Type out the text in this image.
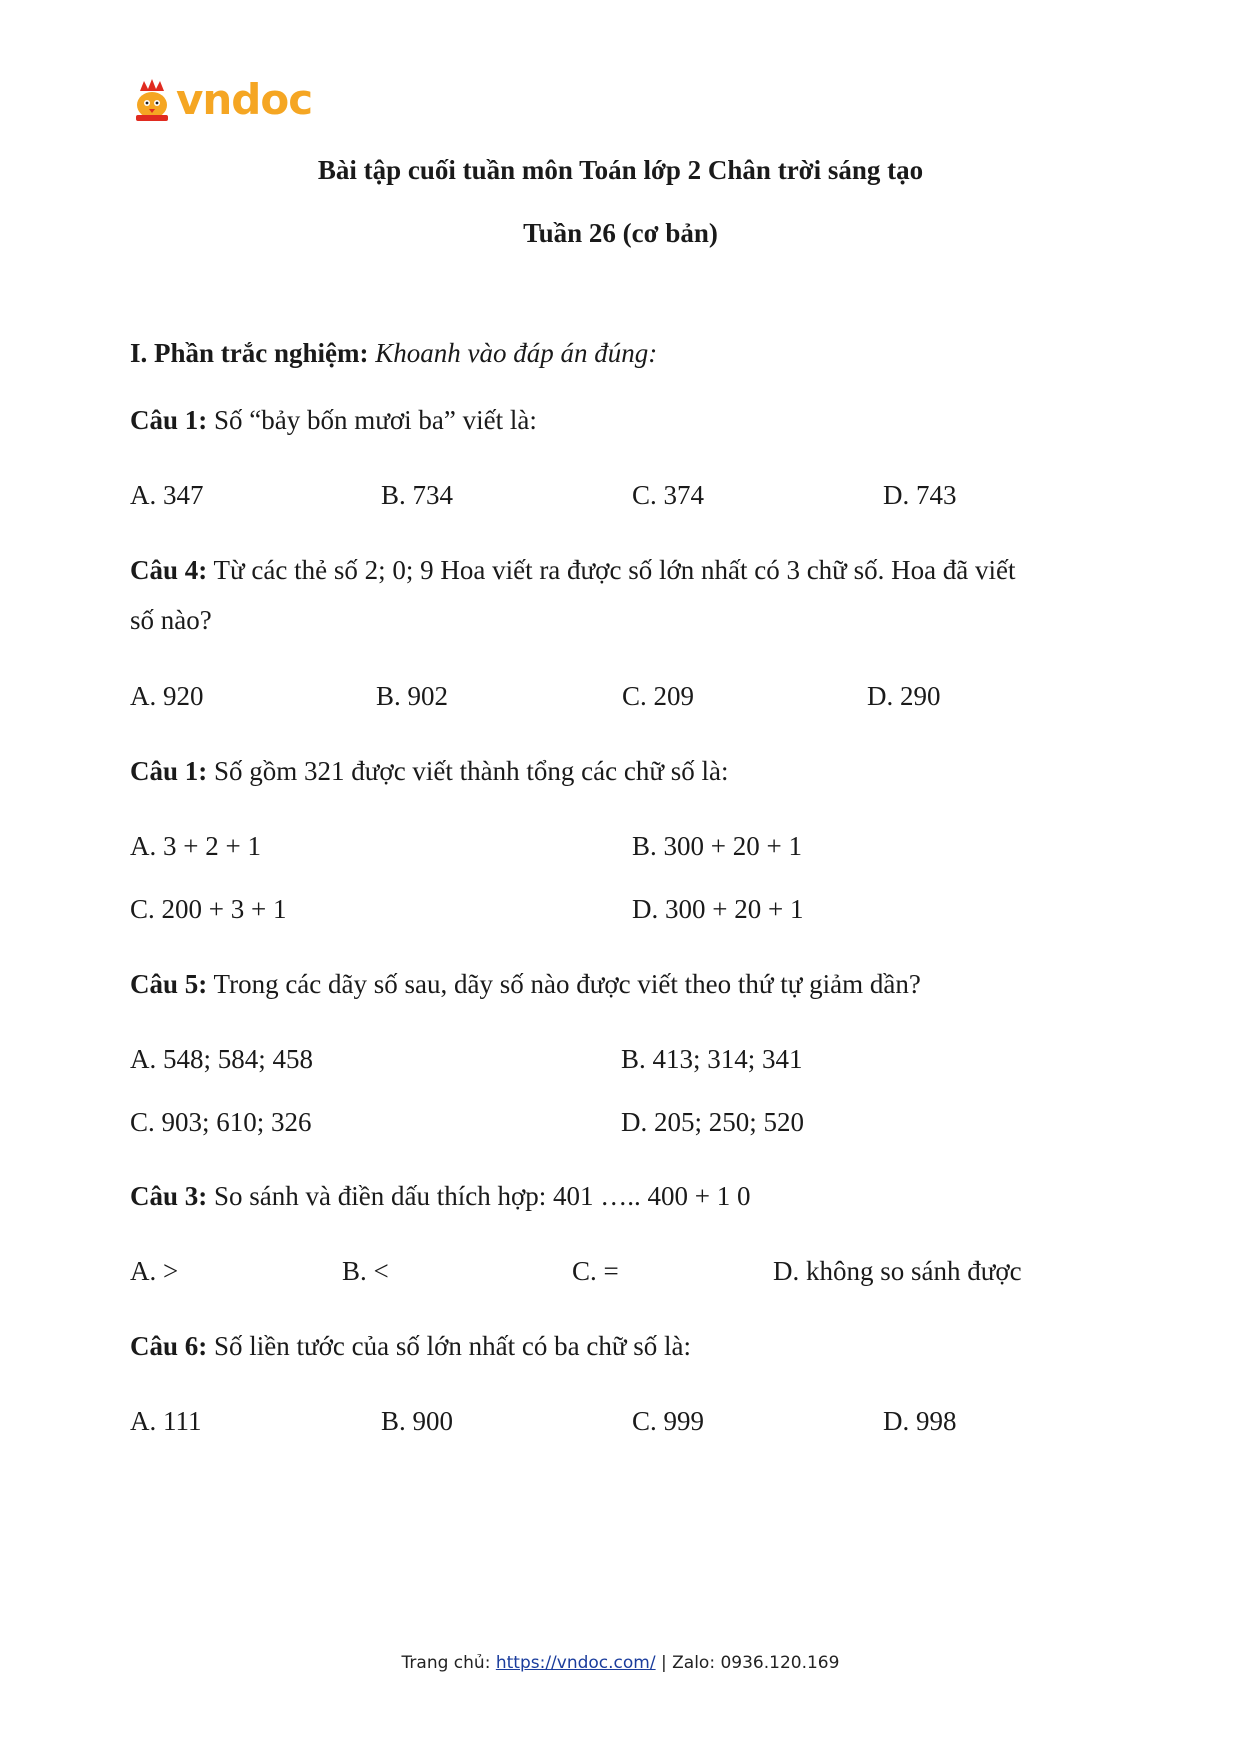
vndoc
Bài tập cuối tuần môn Toán lớp 2 Chân trời sáng tạo
Tuần 26 (cơ bản)
I. Phần trắc nghiệm: Khoanh vào đáp án đúng:
Câu 1: Số “bảy bốn mươi ba” viết là:
A. 347	B. 734	C. 374	D. 743
Câu 4: Từ các thẻ số 2; 0; 9 Hoa viết ra được số lớn nhất có 3 chữ số. Hoa đã viết
số nào?
A. 920	B. 902	C. 209	D. 290
Câu 1: Số gồm 321 được viết thành tổng các chữ số là:
A. 3 + 2 + 1	B. 300 + 20 + 1
C. 200 + 3 + 1	D. 300 + 20 + 1
Câu 5: Trong các dãy số sau, dãy số nào được viết theo thứ tự giảm dần?
A. 548; 584; 458	B. 413; 314; 341
C. 903; 610; 326	D. 205; 250; 520
Câu 3: So sánh và điền dấu thích hợp: 401 ….. 400 + 1 0
A. >	B. <	C. =	D. không so sánh được
Câu 6: Số liền tước của số lớn nhất có ba chữ số là:
A. 111	B. 900	C. 999	D. 998
Trang chủ: https://vndoc.com/ | Zalo: 0936.120.169
